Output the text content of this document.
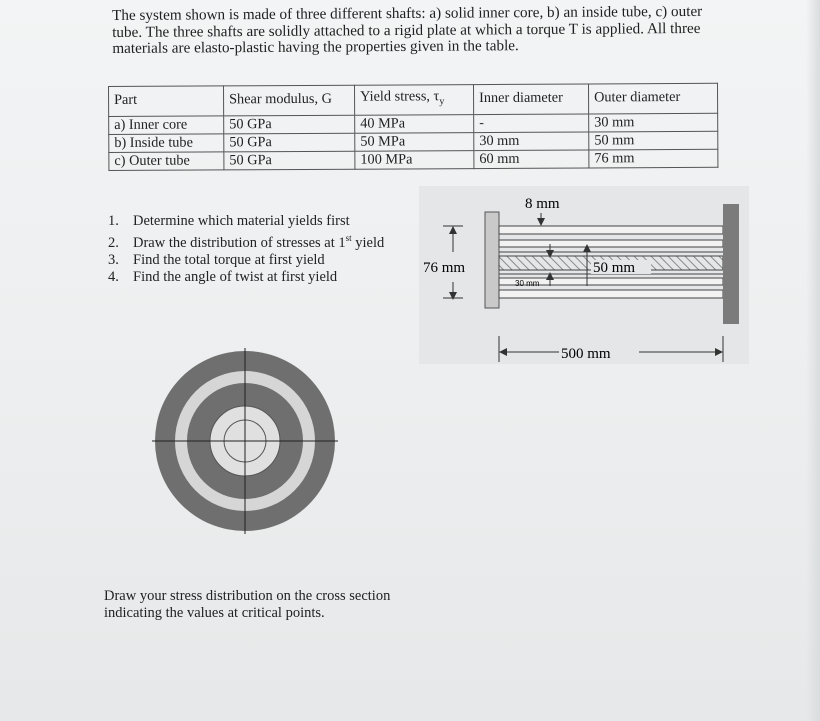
The system shown is made of three different shafts: a) solid inner core, b) an inside tube, c) outer tube. The three shafts are solidly attached to a rigid plate at which a torque T is applied. All three materials are elasto-plastic having the properties given in the table.
Part	Shear modulus, G	Yield stress, $\tau_y$	Inner diameter	Outer diameter
a) Inner core	50 GPa	40 MPa	-	30 mm
b) Inside tube	50 GPa	50 MPa	30 mm	50 mm
c) Outer tube	50 GPa	100 MPa	60 mm	76 mm
1. Determine which material yields first
2. Draw the distribution of stresses at 1st yield
3. Find the total torque at first yield
4. Find the angle of twist at first yield
8 mm
76 mm
30 mm
50 mm
500 mm
Draw your stress distribution on the cross section indicating the values at critical points.
